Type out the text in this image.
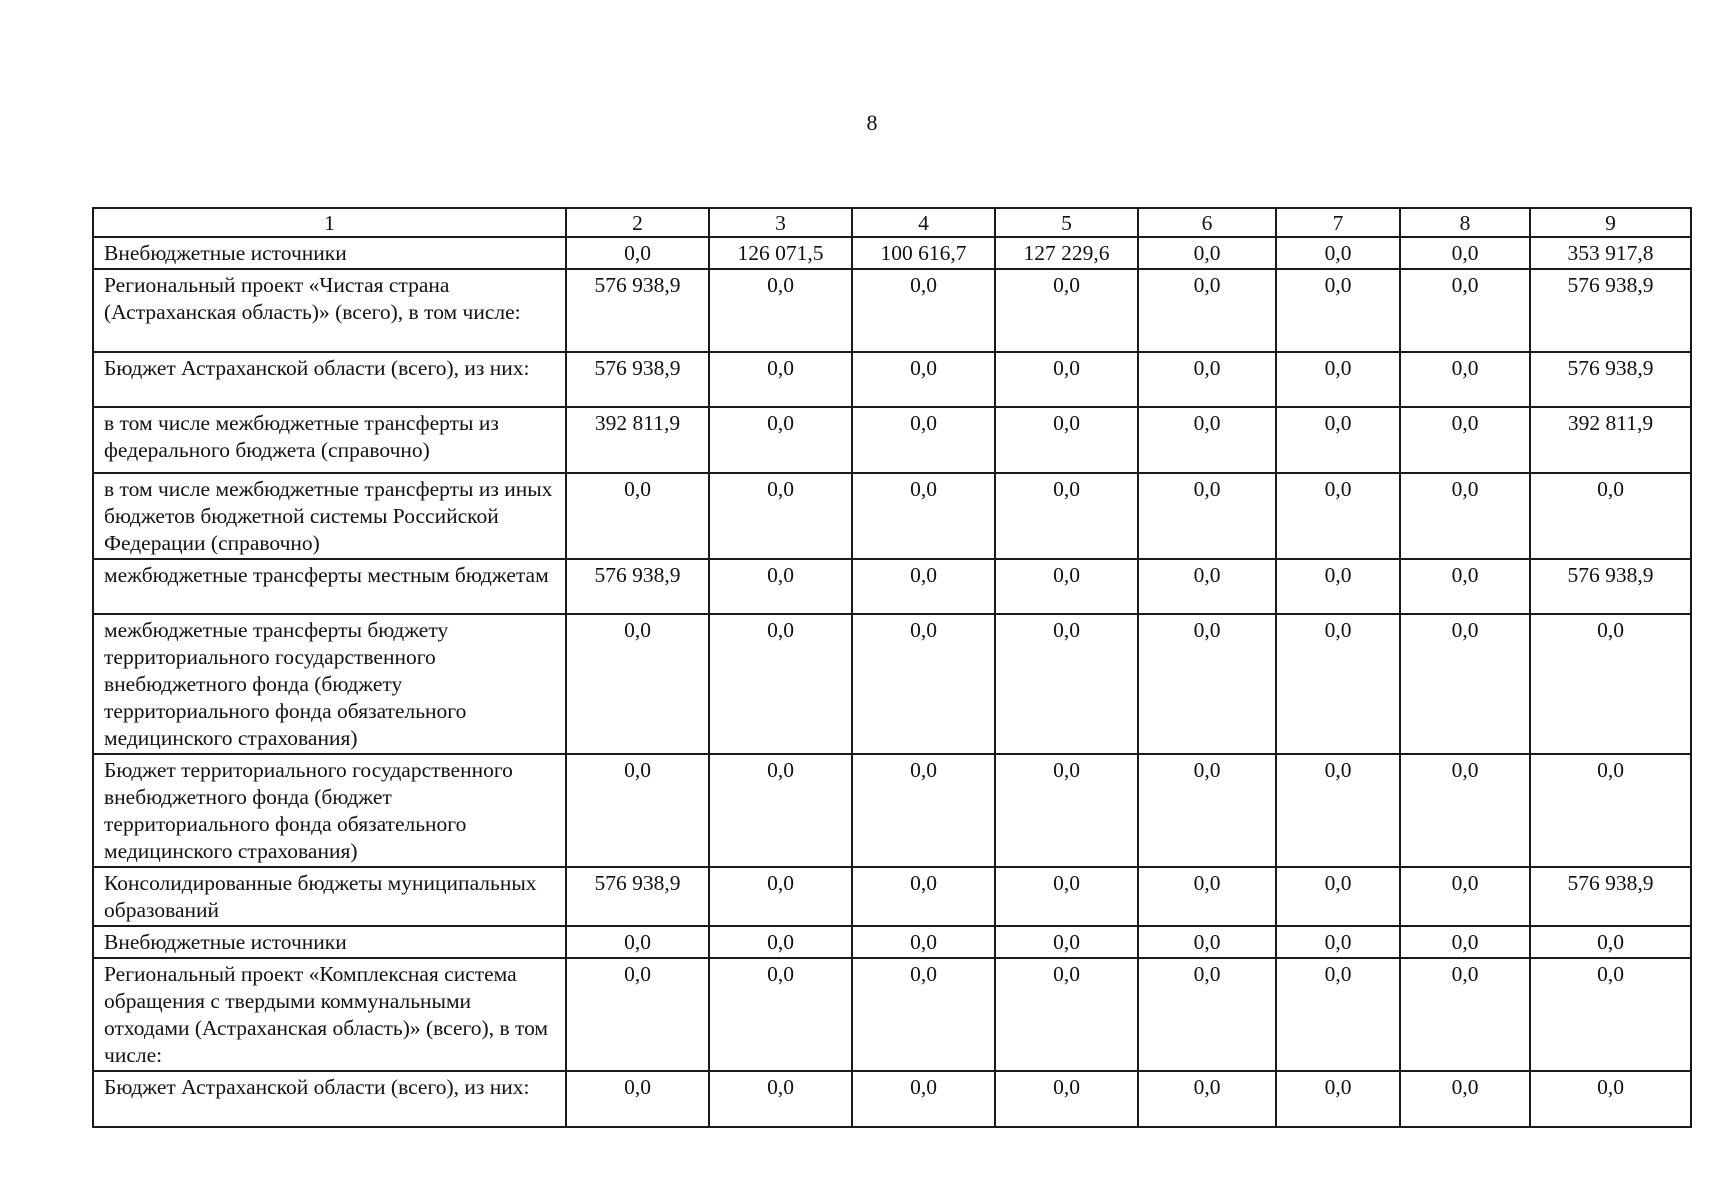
8
1	2	3	4	5	6	7	8	9
Внебюджетные источники	0,0	126 071,5	100 616,7	127 229,6	0,0	0,0	0,0	353 917,8
Региональный проект «Чистая страна (Астраханская область)» (всего), в том числе:	576 938,9	0,0	0,0	0,0	0,0	0,0	0,0	576 938,9
Бюджет Астраханской области (всего), из них:	576 938,9	0,0	0,0	0,0	0,0	0,0	0,0	576 938,9
в том числе межбюджетные трансферты из федерального бюджета (справочно)	392 811,9	0,0	0,0	0,0	0,0	0,0	0,0	392 811,9
в том числе межбюджетные трансферты из иных бюджетов бюджетной системы Российской Федерации (справочно)	0,0	0,0	0,0	0,0	0,0	0,0	0,0	0,0
межбюджетные трансферты местным бюджетам	576 938,9	0,0	0,0	0,0	0,0	0,0	0,0	576 938,9
межбюджетные трансферты бюджету территориального государственного внебюджетного фонда (бюджету территориального фонда обязательного медицинского страхования)	0,0	0,0	0,0	0,0	0,0	0,0	0,0	0,0
Бюджет территориального государственного внебюджетного фонда (бюджет территориального фонда обязательного медицинского страхования)	0,0	0,0	0,0	0,0	0,0	0,0	0,0	0,0
Консолидированные бюджеты муниципальных образований	576 938,9	0,0	0,0	0,0	0,0	0,0	0,0	576 938,9
Внебюджетные источники	0,0	0,0	0,0	0,0	0,0	0,0	0,0	0,0
Региональный проект «Комплексная система обращения с твердыми коммунальными отходами (Астраханская область)» (всего), в том числе:	0,0	0,0	0,0	0,0	0,0	0,0	0,0	0,0
Бюджет Астраханской области (всего), из них:	0,0	0,0	0,0	0,0	0,0	0,0	0,0	0,0
